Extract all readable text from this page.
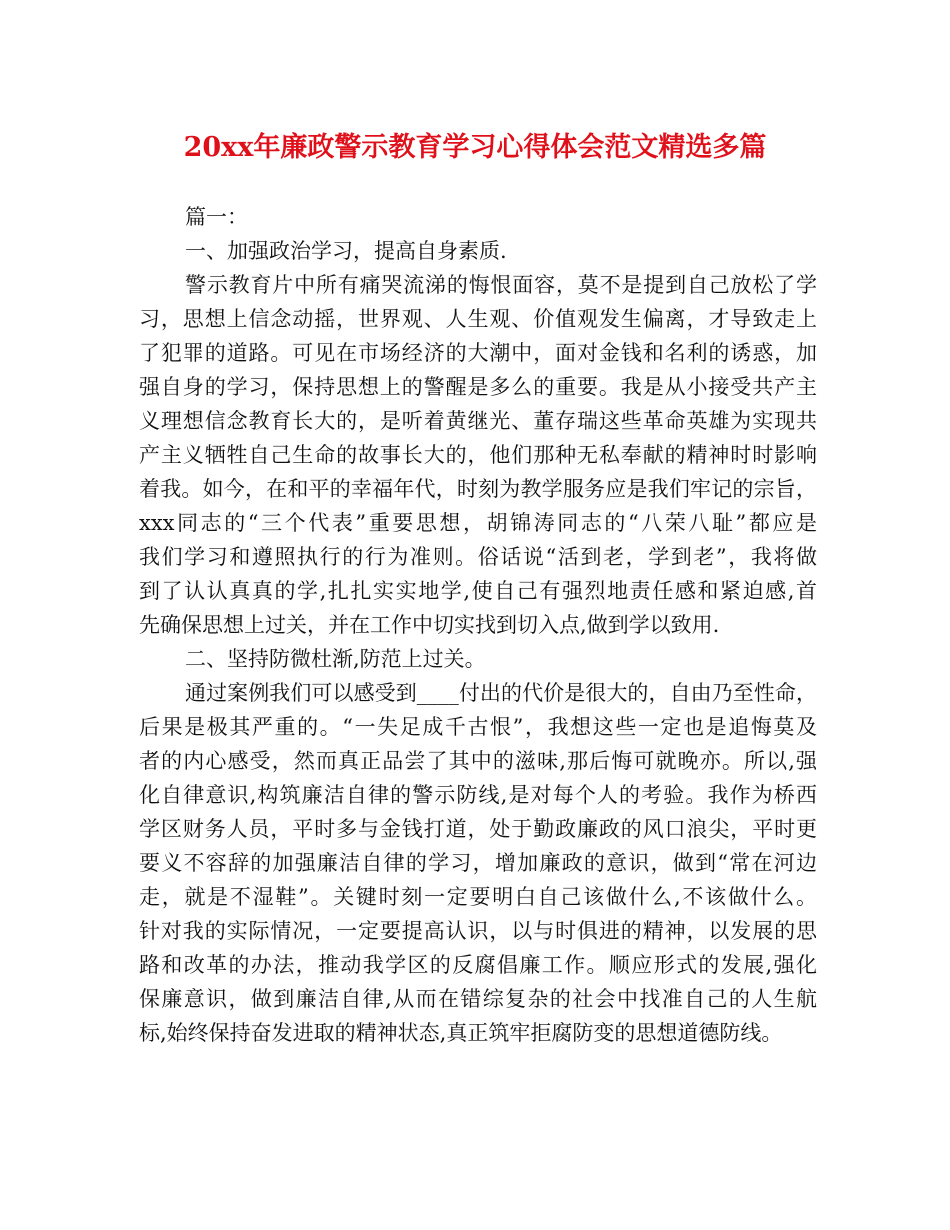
20xx年廉政警示教育学习心得体会范文精选多篇
篇一：
一、加强政治学习，提高自身素质.
警示教育片中所有痛哭流涕的悔恨面容，莫不是提到自己放松了学
习，思想上信念动摇，世界观、人生观、价值观发生偏离，才导致走上
了犯罪的道路。可见在市场经济的大潮中，面对金钱和名利的诱惑，加
强自身的学习，保持思想上的警醒是多么的重要。我是从小接受共产主
义理想信念教育长大的，是听着黄继光、董存瑞这些革命英雄为实现共
产主义牺牲自己生命的故事长大的，他们那种无私奉献的精神时时影响
着我。如今，在和平的幸福年代，时刻为教学服务应是我们牢记的宗旨，
xxx同志的“三个代表”重要思想，胡锦涛同志的“八荣八耻”都应是
我们学习和遵照执行的行为准则。俗话说“活到老，学到老”，我将做
到了认认真真的学,扎扎实实地学,使自己有强烈地责任感和紧迫感,首
先确保思想上过关，并在工作中切实找到切入点,做到学以致用.
二、坚持防微杜渐,防范上过关。
通过案例我们可以感受到____付出的代价是很大的，自由乃至性命，
后果是极其严重的。“一失足成千古恨”，我想这些一定也是追悔莫及
者的内心感受，然而真正品尝了其中的滋味,那后悔可就晚亦。所以,强
化自律意识,构筑廉洁自律的警示防线,是对每个人的考验。我作为桥西
学区财务人员，平时多与金钱打道，处于勤政廉政的风口浪尖，平时更
要义不容辞的加强廉洁自律的学习，增加廉政的意识，做到“常在河边
走，就是不湿鞋”。关键时刻一定要明白自己该做什么,不该做什么。
针对我的实际情况，一定要提高认识，以与时俱进的精神，以发展的思
路和改革的办法，推动我学区的反腐倡廉工作。顺应形式的发展,强化
保廉意识，做到廉洁自律,从而在错综复杂的社会中找准自己的人生航
标,始终保持奋发进取的精神状态,真正筑牢拒腐防变的思想道德防线。
